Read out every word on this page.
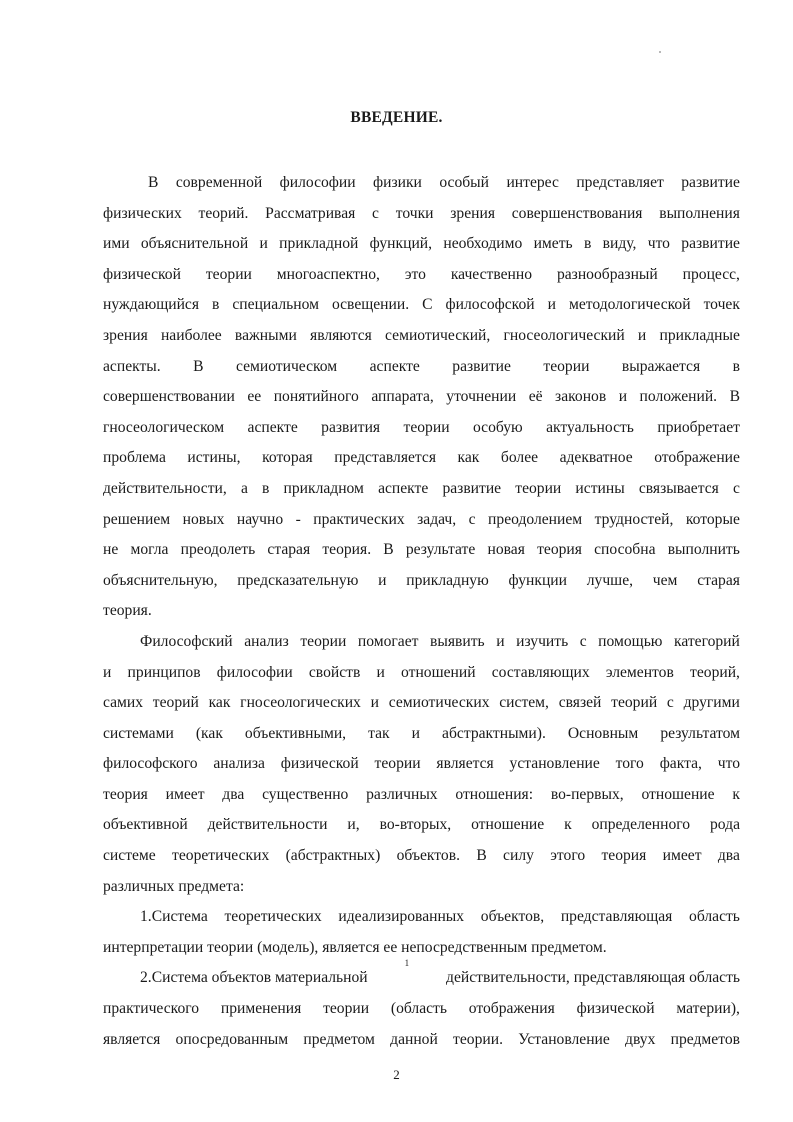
ВВЕДЕНИЕ.
В современной философии физики особый интерес представляет развитие
физических теорий. Рассматривая с точки зрения совершенствования выполнения
ими объяснительной и прикладной функций, необходимо иметь в виду, что развитие
физической теории многоаспектно, это качественно разнообразный процесс,
нуждающийся в специальном освещении. С философской и методологической точек
зрения наиболее важными являются семиотический, гносеологический и прикладные
аспекты. В семиотическом аспекте развитие теории выражается в
совершенствовании ее понятийного аппарата, уточнении её законов и положений. В
гносеологическом аспекте развития теории особую актуальность приобретает
проблема истины, которая представляется как более адекватное отображение
действительности, а в прикладном аспекте развитие теории истины связывается с
решением новых научно - практических задач, с преодолением трудностей, которые
не могла преодолеть старая теория. В результате новая теория способна выполнить
объяснительную, предсказательную и прикладную функции лучше, чем старая
теория.
Философский анализ теории помогает выявить и изучить с помощью категорий
и принципов философии свойств и отношений составляющих элементов теорий,
самих теорий как гносеологических и семиотических систем, связей теорий с другими
системами (как объективными, так и абстрактными). Основным результатом
философского анализа физической теории является установление того факта, что
теория имеет два существенно различных отношения: во-первых, отношение к
объективной действительности и, во-вторых, отношение к определенного рода
системе теоретических (абстрактных) объектов. В силу этого теория имеет два
различных предмета:
1.Система теоретических идеализированных объектов, представляющая область
интерпретации теории (модель), является ее непосредственным предметом.
2.Система объектов материальной
1
действительности, представляющая область
практического применения теории (область отображения физической материи),
является опосредованным предметом данной теории. Установление двух предметов
2
